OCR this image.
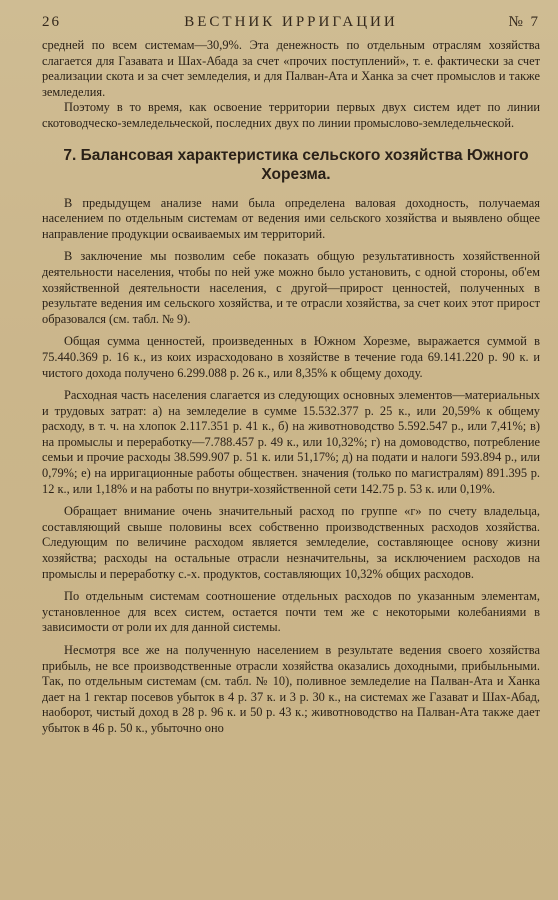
26	ВЕСТНИК ИРРИГАЦИИ	№ 7

средней по всем системам—30,9%. Эта денежность по отдельным отраслям хозяйства слагается для Газавата и Шах-Абада за счет «прочих поступлений», т. е. фактически за счет реализации скота и за счет земледелия, и для Палван-Ата и Ханка за счет промыслов и также земледелия.

Поэтому в то время, как освоение территории первых двух систем идет по линии скотоводческо-земледельческой, последних двух по линии промыслово-земледельческой.

7. Балансовая характеристика сельского хозяйства Южного Хорезма.

В предыдущем анализе нами была определена валовая доходность, получаемая населением по отдельным системам от ведения ими сельского хозяйства и выявлено общее направление продукции осваиваемых им территорий.

В заключение мы позволим себе показать общую результативность хозяйственной деятельности населения, чтобы по ней уже можно было установить, с одной стороны, об'ем хозяйственной деятельности населения, с другой—прирост ценностей, полученных в результате ведения им сельского хозяйства, и те отрасли хозяйства, за счет коих этот прирост образовался (см. табл. № 9).

Общая сумма ценностей, произведенных в Южном Хорезме, выражается суммой в 75.440.369 р. 16 к., из коих израсходовано в хозяйстве в течение года 69.141.220 р. 90 к. и чистого дохода получено 6.299.088 р. 26 к., или 8,35% к общему доходу.

Расходная часть населения слагается из следующих основных элементов—материальных и трудовых затрат: а) на земледелие в сумме 15.532.377 р. 25 к., или 20,59% к общему расходу, в т. ч. на хлопок 2.117.351 р. 41 к., б) на животноводство 5.592.547 р., или 7,41%; в) на промыслы и переработку—7.788.457 р. 49 к., или 10,32%; г) на домоводство, потребление семьи и прочие расходы 38.599.907 р. 51 к. или 51,17%; д) на подати и налоги 593.894 р., или 0,79%; е) на ирригационные работы обществен. значения (только по магистралям) 891.395 р. 12 к., или 1,18% и на работы по внутри-хозяйственной сети 142.75 р. 53 к. или 0,19%.

Обращает внимание очень значительный расход по группе «г» по счету владельца, составляющий свыше половины всех собственно производственных расходов хозяйства. Следующим по величине расходом является земледелие, составляющее основу жизни хозяйства; расходы на остальные отрасли незначительны, за исключением расходов на промыслы и переработку с.-х. продуктов, составляющих 10,32% общих расходов.

По отдельным системам соотношение отдельных расходов по указанным элементам, установленное для всех систем, остается почти тем же с некоторыми колебаниями в зависимости от роли их для данной системы.

Несмотря все же на полученную населением в результате ведения своего хозяйства прибыль, не все производственные отрасли хозяйства оказались доходными, прибыльными. Так, по отдельным системам (см. табл. № 10), поливное земледелие на Палван-Ата и Ханка дает на 1 гектар посевов убыток в 4 р. 37 к. и 3 р. 30 к., на системах же Газават и Шах-Абад, наоборот, чистый доход в 28 р. 96 к. и 50 р. 43 к.; животноводство на Палван-Ата также дает убыток в 46 р. 50 к., убыточно оно
